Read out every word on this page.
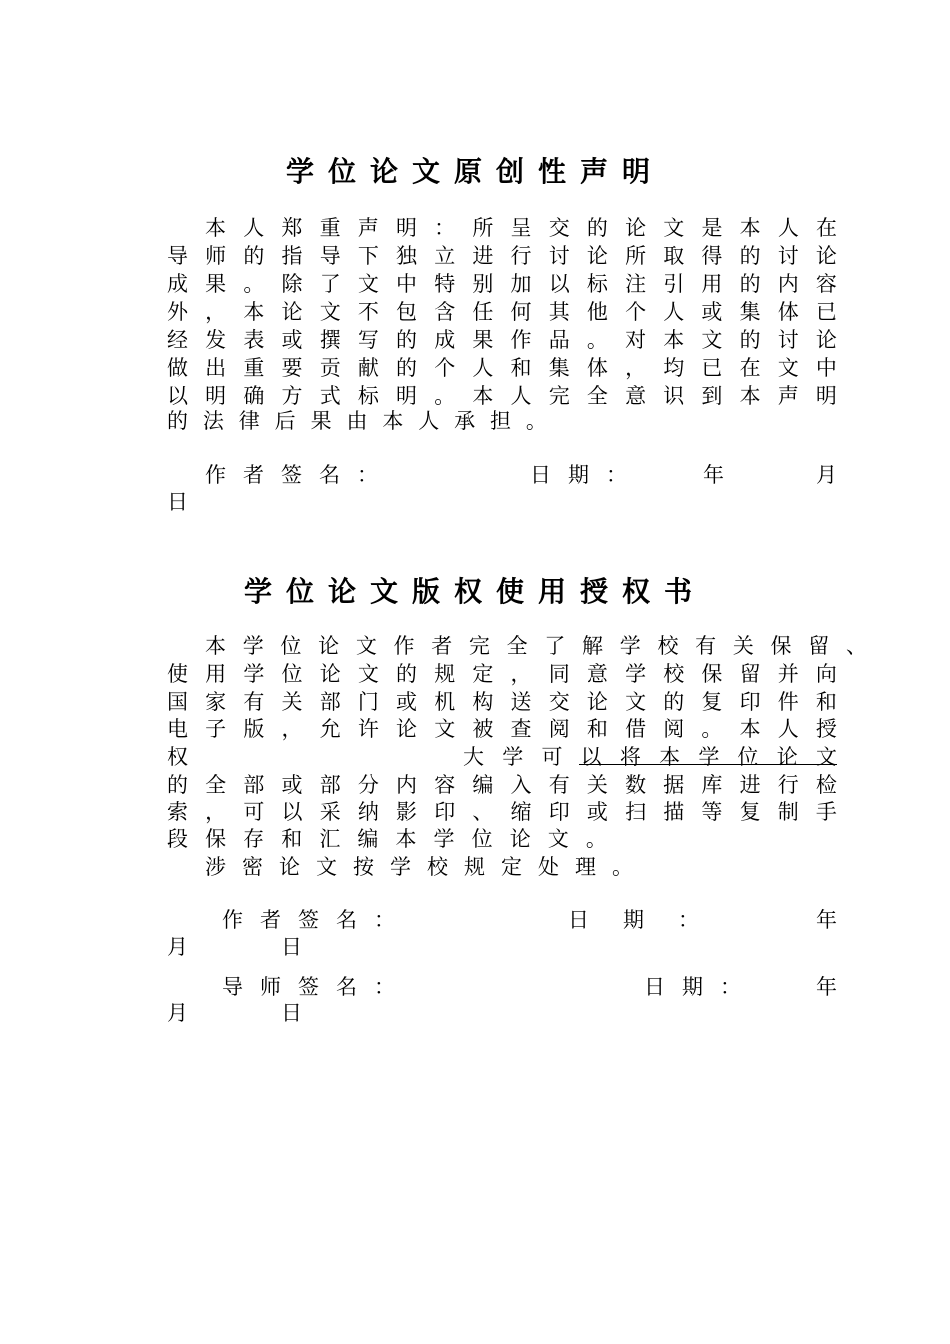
学位论文原创性声明
本 人 郑 重 声 明 ： 所 呈 交 的 论 文 是 本 人 在
导 师 的 指 导 下 独 立 进 行 讨 论 所 取 得 的 讨 论
成 果 。 除 了 文 中 特 别 加 以 标 注 引 用 的 内 容
外 ， 本 论 文 不 包 含 任 何 其 他 个 人 或 集 体 已
经 发 表 或 撰 写 的 成 果 作 品 。 对 本 文 的 讨 论
做 出 重 要 贡 献 的 个 人 和 集 体 ， 均 已 在 文 中
以 明 确 方 式 标 明 。 本 人 完 全 意 识 到 本 声 明
的 法 律 后 果 由 本 人 承 担 。
作者签名：	日期：	年	月
日
学位论文版权使用授权书
本 学 位 论 文 作 者 完 全 了 解 学 校 有 关 保 留 、
使 用 学 位 论 文 的 规 定 ， 同 意 学 校 保 留 并 向
国 家 有 关 部 门 或 机 构 送 交 论 文 的 复 印 件 和
电 子 版 ， 允 许 论 文 被 查 阅 和 借 阅 。 本 人 授
权	大 学 可 以 将 本 学 位 论 文
的 全 部 或 部 分 内 容 编 入 有 关 数 据 库 进 行 检
索 ， 可 以 采 纳 影 印 、 缩 印 或 扫 描 等 复 制 手
段 保 存 和 汇 编 本 学 位 论 文 。
涉 密 论 文 按 学 校 规 定 处 理 。
作者签名：	日期：	年
月	日
导师签名：	日期：	年
月	日
